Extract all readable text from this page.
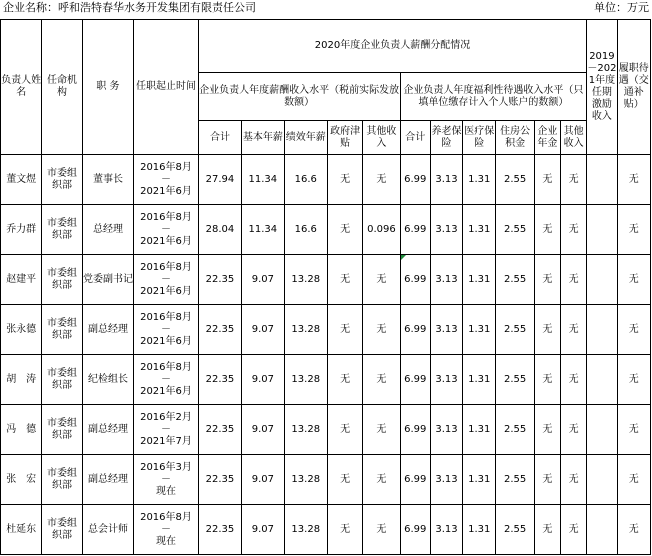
企业名称：呼和浩特春华水务开发集团有限责任公司	单位：万元
负责人姓名	任命机构	职 务	任职起止时间	2020年度企业负责人薪酬分配情况											2019－2021年度任期激励收入	履职待遇（交通补贴）
				企业负责人年度薪酬收入水平（税前实际发放数额）					企业负责人年度福利性待遇收入水平（只填单位缴存计入个人账户的数额）							
				合计	基本年薪	绩效年薪	政府津贴	其他收入	合计	养老保险	医疗保险	住房公积金	企业年金	其他收入		
董文煜	市委组织部	董事长	2016年8月
－
2021年6月	27.94	11.34	16.6	无	无	6.99	3.13	1.31	2.55	无	无		无
乔力群	市委组织部	总经理	2016年8月
－
2021年6月	28.04	11.34	16.6	无	0.096	6.99	3.13	1.31	2.55	无	无		无
赵建平	市委组织部	党委副书记	2016年8月
－
2021年6月	22.35	9.07	13.28	无	无	6.99	3.13	1.31	2.55	无	无		无
张永德	市委组织部	副总经理	2016年8月
－
2021年6月	22.35	9.07	13.28	无	无	6.99	3.13	1.31	2.55	无	无		无
胡　涛	市委组织部	纪检组长	2016年8月
－
2021年6月	22.35	9.07	13.28	无	无	6.99	3.13	1.31	2.55	无	无		无
冯　德	市委组织部	副总经理	2016年2月
－
2021年7月	22.35	9.07	13.28	无	无	6.99	3.13	1.31	2.55	无	无		无
张　宏	市委组织部	副总经理	2016年3月
－
现在	22.35	9.07	13.28	无	无	6.99	3.13	1.31	2.55	无	无		无
杜延东	市委组织部	总会计师	2016年8月
－
现在	22.35	9.07	13.28	无	无	6.99	3.13	1.31	2.55	无	无		无
